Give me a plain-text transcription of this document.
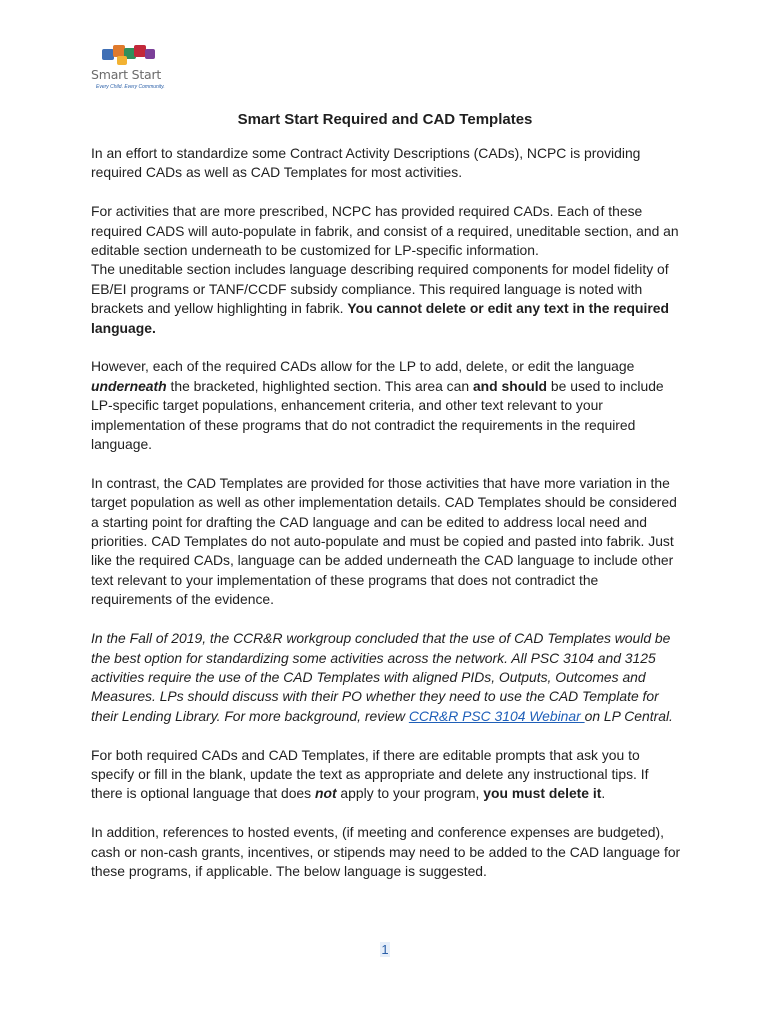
Smart Start
Every Child. Every Community.
Smart Start Required and CAD Templates

In an effort to standardize some Contract Activity Descriptions (CADs), NCPC is providing required CADs as well as CAD Templates for most activities.

For activities that are more prescribed, NCPC has provided required CADs. Each of these required CADS will auto-populate in fabrik, and consist of a required, uneditable section, and an editable section underneath to be customized for LP-specific information.
The uneditable section includes language describing required components for model fidelity of EB/EI programs or TANF/CCDF subsidy compliance. This required language is noted with brackets and yellow highlighting in fabrik. You cannot delete or edit any text in the required language.

However, each of the required CADs allow for the LP to add, delete, or edit the language underneath the bracketed, highlighted section. This area can and should be used to include LP-specific target populations, enhancement criteria, and other text relevant to your implementation of these programs that do not contradict the requirements in the required language.

In contrast, the CAD Templates are provided for those activities that have more variation in the target population as well as other implementation details. CAD Templates should be considered a starting point for drafting the CAD language and can be edited to address local need and priorities. CAD Templates do not auto-populate and must be copied and pasted into fabrik. Just like the required CADs, language can be added underneath the CAD language to include other text relevant to your implementation of these programs that does not contradict the requirements of the evidence.

In the Fall of 2019, the CCR&R workgroup concluded that the use of CAD Templates would be the best option for standardizing some activities across the network. All PSC 3104 and 3125 activities require the use of the CAD Templates with aligned PIDs, Outputs, Outcomes and Measures. LPs should discuss with their PO whether they need to use the CAD Template for their Lending Library. For more background, review CCR&R PSC 3104 Webinar on LP Central.

For both required CADs and CAD Templates, if there are editable prompts that ask you to specify or fill in the blank, update the text as appropriate and delete any instructional tips. If there is optional language that does not apply to your program, you must delete it.

In addition, references to hosted events, (if meeting and conference expenses are budgeted), cash or non-cash grants, incentives, or stipends may need to be added to the CAD language for these programs, if applicable. The below language is suggested.

1
